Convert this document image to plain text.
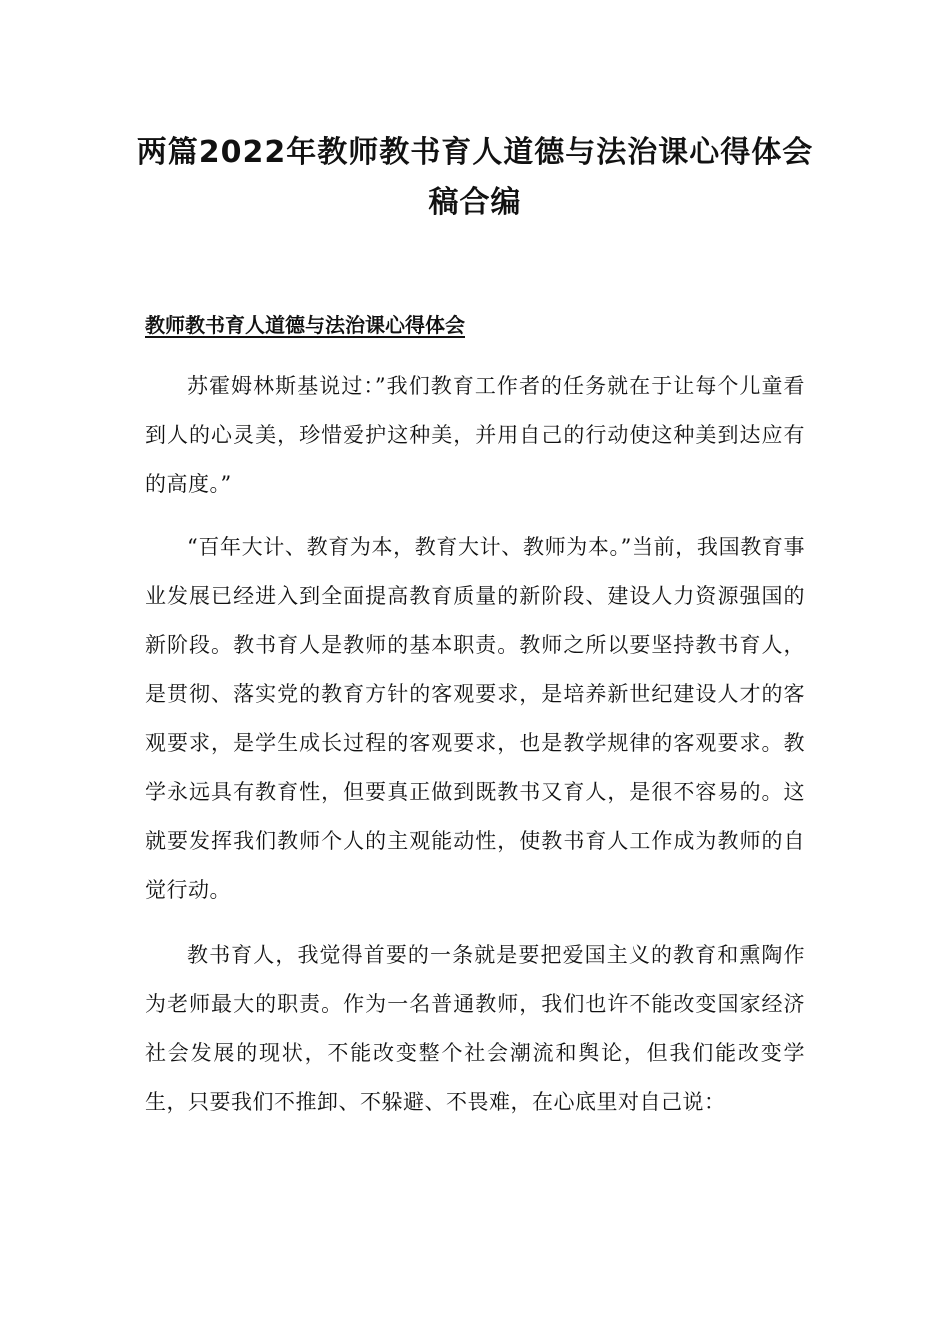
两篇2022年教师教书育人道德与法治课心得体会稿合编
教师教书育人道德与法治课心得体会

苏霍姆林斯基说过：”我们教育工作者的任务就在于让每个儿童看到人的心灵美，珍惜爱护这种美，并用自己的行动使这种美到达应有的高度。”

“百年大计、教育为本，教育大计、教师为本。”当前，我国教育事业发展已经进入到全面提高教育质量的新阶段、建设人力资源强国的新阶段。教书育人是教师的基本职责。教师之所以要坚持教书育人，是贯彻、落实党的教育方针的客观要求，是培养新世纪建设人才的客观要求，是学生成长过程的客观要求，也是教学规律的客观要求。教学永远具有教育性，但要真正做到既教书又育人，是很不容易的。这就要发挥我们教师个人的主观能动性，使教书育人工作成为教师的自觉行动。

教书育人，我觉得首要的一条就是要把爱国主义的教育和熏陶作为老师最大的职责。作为一名普通教师，我们也许不能改变国家经济社会发展的现状，不能改变整个社会潮流和舆论，但我们能改变学生，只要我们不推卸、不躲避、不畏难，在心底里对自己说：
